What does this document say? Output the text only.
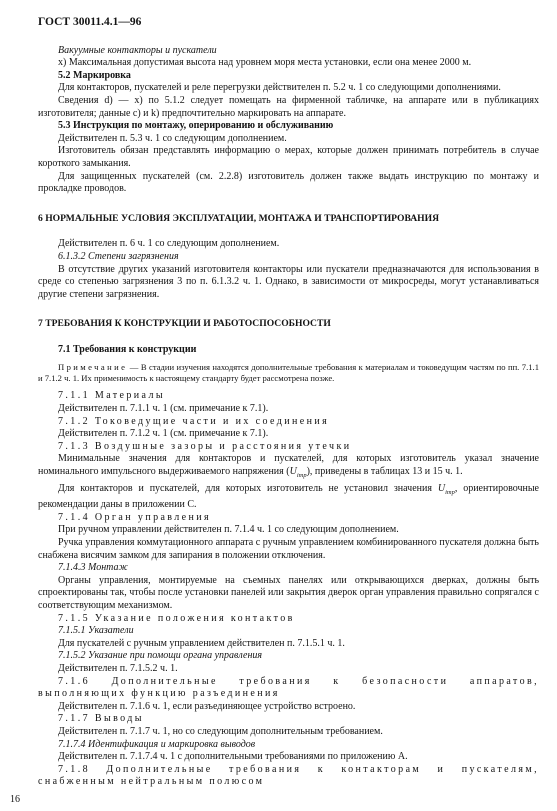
ГОСТ 30011.4.1—96

Вакуумные контакторы и пускатели

х) Максимальная допустимая высота над уровнем моря места установки, если она менее 2000 м.

5.2 Маркировка

Для контакторов, пускателей и реле перегрузки действителен п. 5.2 ч. 1 со следующими дополнениями.

Сведения d) — х) по 5.1.2 следует помещать на фирменной табличке, на аппарате или в публикациях изготовителя; данные с) и k) предпочтительно маркировать на аппарате.

5.3 Инструкция по монтажу, оперированию и обслуживанию

Действителен п. 5.3 ч. 1 со следующим дополнением.

Изготовитель обязан представлять информацию о мерах, которые должен принимать потребитель в случае короткого замыкания.

Для защищенных пускателей (см. 2.2.8) изготовитель должен также выдать инструкцию по монтажу и прокладке проводов.

6 НОРМАЛЬНЫЕ УСЛОВИЯ ЭКСПЛУАТАЦИИ, МОНТАЖА И ТРАНСПОРТИРОВАНИЯ

Действителен п. 6 ч. 1 со следующим дополнением.

6.1.3.2 Степени загрязнения

В отсутствие других указаний изготовителя контакторы или пускатели предназначаются для использования в среде со степенью загрязнения 3 по п. 6.1.3.2 ч. 1. Однако, в зависимости от микросреды, могут устанавливаться другие степени загрязнения.

7 ТРЕБОВАНИЯ К КОНСТРУКЦИИ И РАБОТОСПОСОБНОСТИ

7.1 Требования к конструкции

Примечание — В стадии изучения находятся дополнительные требования к материалам и токоведущим частям по пп. 7.1.1 и 7.1.2 ч. 1. Их применимость к настоящему стандарту будет рассмотрена позже.

7.1.1 Материалы

Действителен п. 7.1.1 ч. 1 (см. примечание к 7.1).

7.1.2 Токоведущие части и их соединения

Действителен п. 7.1.2 ч. 1 (см. примечание к 7.1).

7.1.3 Воздушные зазоры и расстояния утечки

Минимальные значения для контакторов и пускателей, для которых изготовитель указал значение номинального импульсного выдерживаемого напряжения $(U_{imp})$, приведены в таблицах 13 и 15 ч. 1.

Для контакторов и пускателей, для которых изготовитель не установил значения $U_{imp}$, ориентировочные рекомендации даны в приложении С.

7.1.4 Орган управления

При ручном управлении действителен п. 7.1.4 ч. 1 со следующим дополнением.

Ручка управления коммутационного аппарата с ручным управлением комбинированного пускателя должна быть снабжена висячим замком для запирания в положении отключения.

7.1.4.3 Монтаж

Органы управления, монтируемые на съемных панелях или открывающихся дверках, должны быть спроектированы так, чтобы после установки панелей или закрытия дверок орган управления правильно сопрягался с соответствующим механизмом.

7.1.5 Указание положения контактов

7.1.5.1 Указатели

Для пускателей с ручным управлением действителен п. 7.1.5.1 ч. 1.

7.1.5.2 Указание при помощи органа управления

Действителен п. 7.1.5.2 ч. 1.

7.1.6 Дополнительные требования к безопасности аппаратов, выполняющих функцию разъединения

Действителен п. 7.1.6 ч. 1, если разъединяющее устройство встроено.

7.1.7 Выводы

Действителен п. 7.1.7 ч. 1, но со следующим дополнительным требованием.

7.1.7.4 Идентификация и маркировка выводов

Действителен п. 7.1.7.4 ч. 1 с дополнительными требованиями по приложению А.

7.1.8 Дополнительные требования к контакторам и пускателям, снабженным нейтральным полюсом

16
